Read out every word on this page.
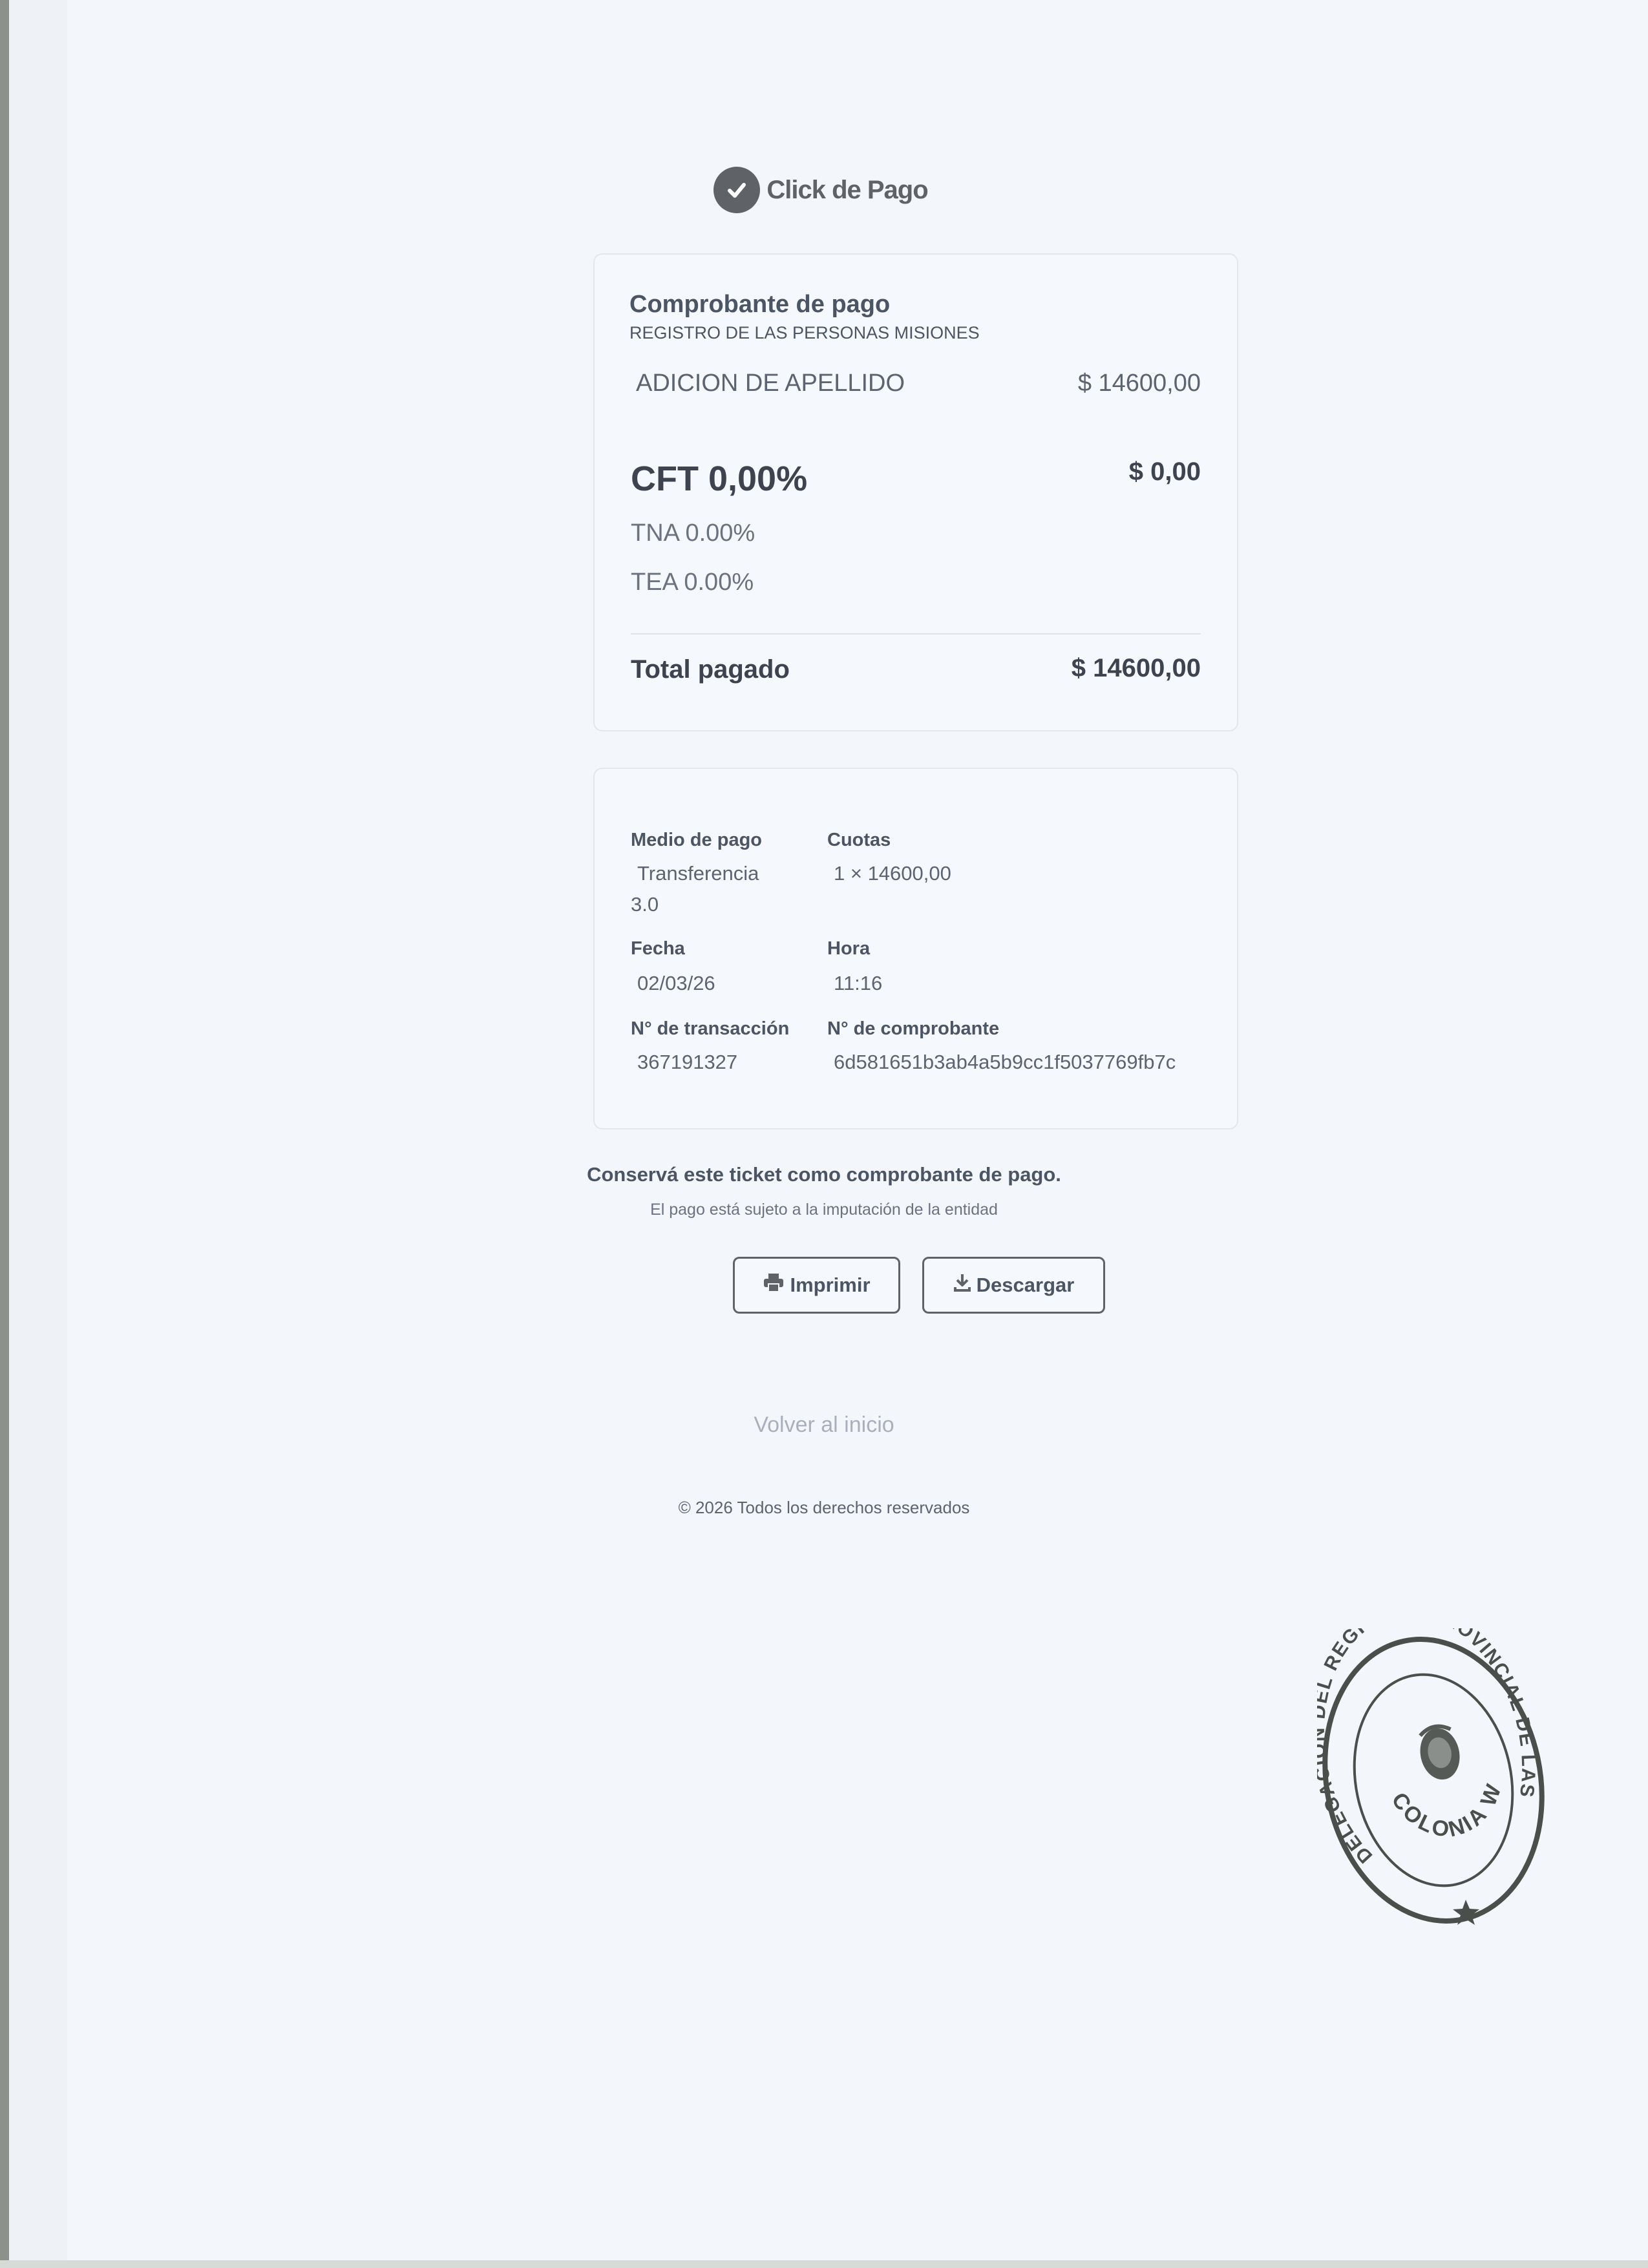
Click de Pago
Comprobante de pago
REGISTRO DE LAS PERSONAS MISIONES
ADICION DE APELLIDO	$ 14600,00
CFT 0,00%	$ 0,00
TNA 0.00%
TEA 0.00%
Total pagado	$ 14600,00
Medio de pago
Transferencia
3.0
Cuotas
1 × 14600,00
Fecha
02/03/26
Hora
11:16
N° de transacción
367191327
N° de comprobante
6d581651b3ab4a5b9cc1f5037769fb7c
Conservá este ticket como comprobante de pago.
El pago está sujeto a la imputación de la entidad
Imprimir	Descargar
Volver al inicio
© 2026 Todos los derechos reservados
DELEGACION DEL REGISTRO PROVINCIAL DE LAS
COLONIA WANDA
